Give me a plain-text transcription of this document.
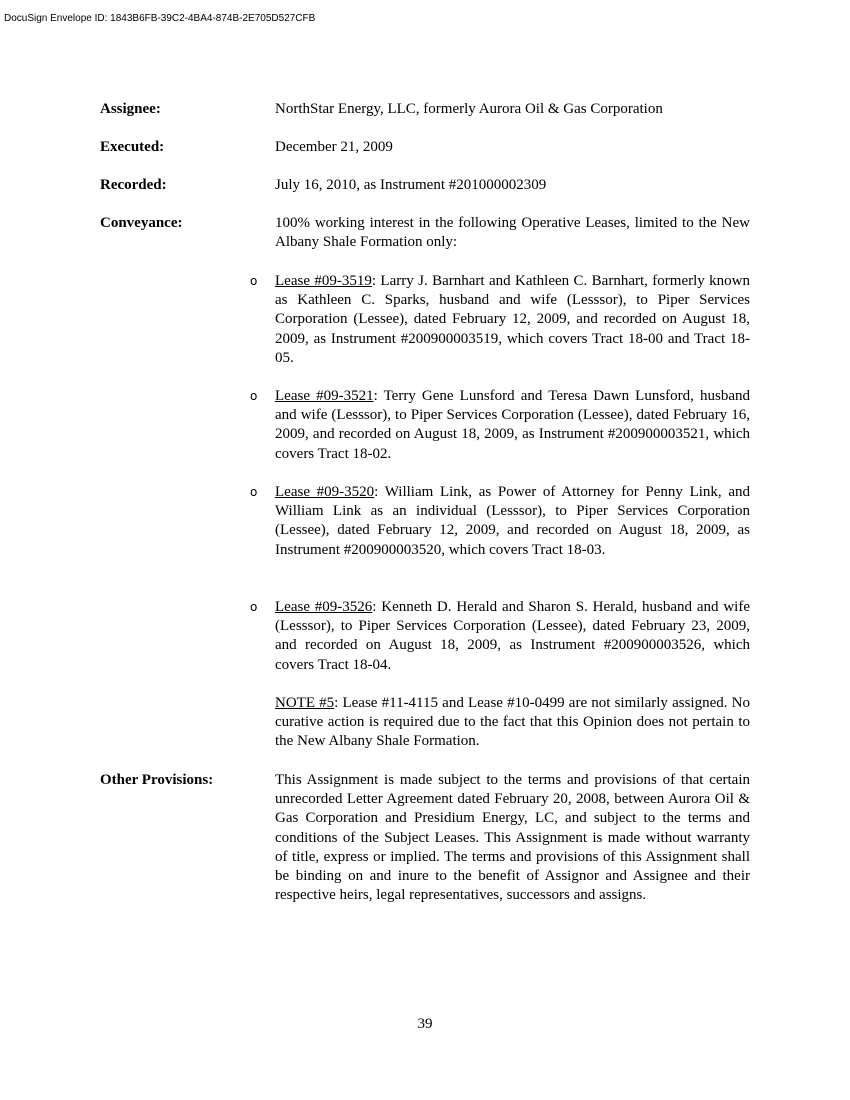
DocuSign Envelope ID: 1843B6FB-39C2-4BA4-874B-2E705D527CFB
Assignee:	NorthStar Energy, LLC, formerly Aurora Oil & Gas Corporation
Executed:	December 21, 2009
Recorded:	July 16, 2010, as Instrument #201000002309
Conveyance:	100% working interest in the following Operative Leases, limited to the New Albany Shale Formation only:
o Lease #09-3519: Larry J. Barnhart and Kathleen C. Barnhart, formerly known as Kathleen C. Sparks, husband and wife (Lesssor), to Piper Services Corporation (Lessee), dated February 12, 2009, and recorded on August 18, 2009, as Instrument #200900003519, which covers Tract 18-00 and Tract 18-05.
o Lease #09-3521: Terry Gene Lunsford and Teresa Dawn Lunsford, husband and wife (Lesssor), to Piper Services Corporation (Lessee), dated February 16, 2009, and recorded on August 18, 2009, as Instrument #200900003521, which covers Tract 18-02.
o Lease #09-3520: William Link, as Power of Attorney for Penny Link, and William Link as an individual (Lesssor), to Piper Services Corporation (Lessee), dated February 12, 2009, and recorded on August 18, 2009, as Instrument #200900003520, which covers Tract 18-03.
o Lease #09-3526: Kenneth D. Herald and Sharon S. Herald, husband and wife (Lesssor), to Piper Services Corporation (Lessee), dated February 23, 2009, and recorded on August 18, 2009, as Instrument #200900003526, which covers Tract 18-04.
NOTE #5: Lease #11-4115 and Lease #10-0499 are not similarly assigned. No curative action is required due to the fact that this Opinion does not pertain to the New Albany Shale Formation.
Other Provisions:	This Assignment is made subject to the terms and provisions of that certain unrecorded Letter Agreement dated February 20, 2008, between Aurora Oil & Gas Corporation and Presidium Energy, LC, and subject to the terms and conditions of the Subject Leases. This Assignment is made without warranty of title, express or implied. The terms and provisions of this Assignment shall be binding on and inure to the benefit of Assignor and Assignee and their respective heirs, legal representatives, successors and assigns.
39
